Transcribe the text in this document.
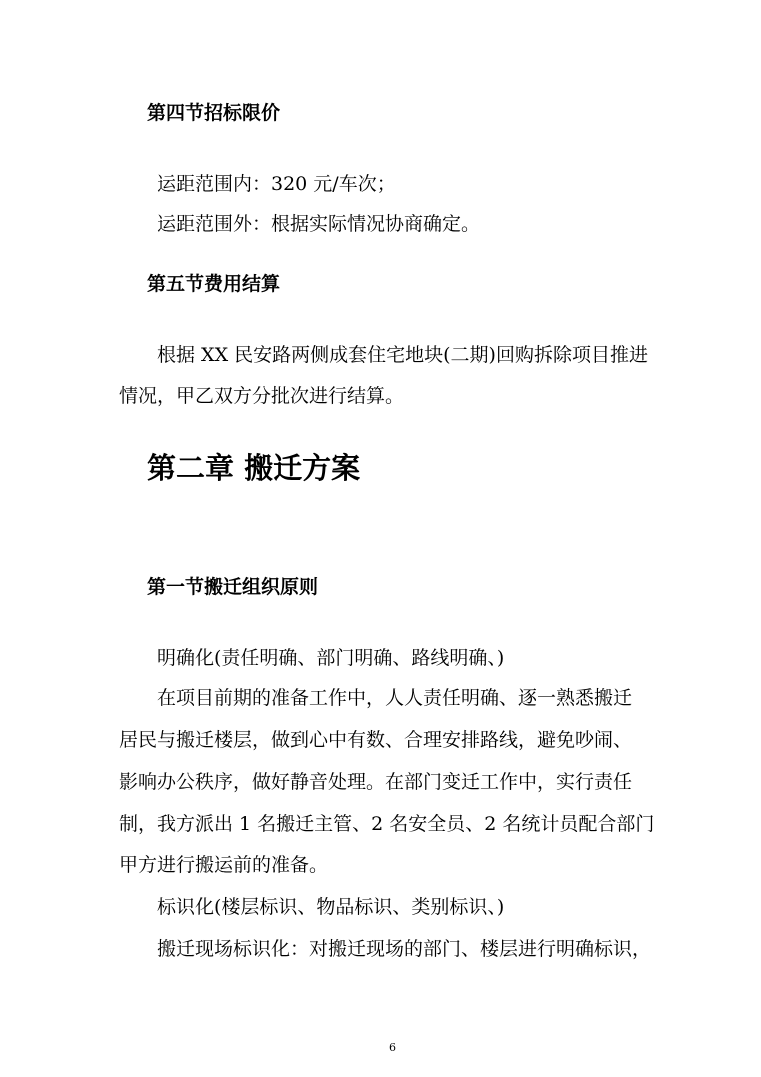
第四节招标限价
运距范围内：320 元/车次；
运距范围外：根据实际情况协商确定。
第五节费用结算
根据 XX 民安路两侧成套住宅地块(二期)回购拆除项目推进
情况，甲乙双方分批次进行结算。
第二章 搬迁方案
第一节搬迁组织原则
明确化(责任明确、部门明确、路线明确、)
在项目前期的准备工作中，人人责任明确、逐一熟悉搬迁
居民与搬迁楼层，做到心中有数、合理安排路线，避免吵闹、
影响办公秩序，做好静音处理。在部门变迁工作中，实行责任
制，我方派出 1 名搬迁主管、2 名安全员、2 名统计员配合部门
甲方进行搬运前的准备。
标识化(楼层标识、物品标识、类别标识、)
搬迁现场标识化：对搬迁现场的部门、楼层进行明确标识，
6
